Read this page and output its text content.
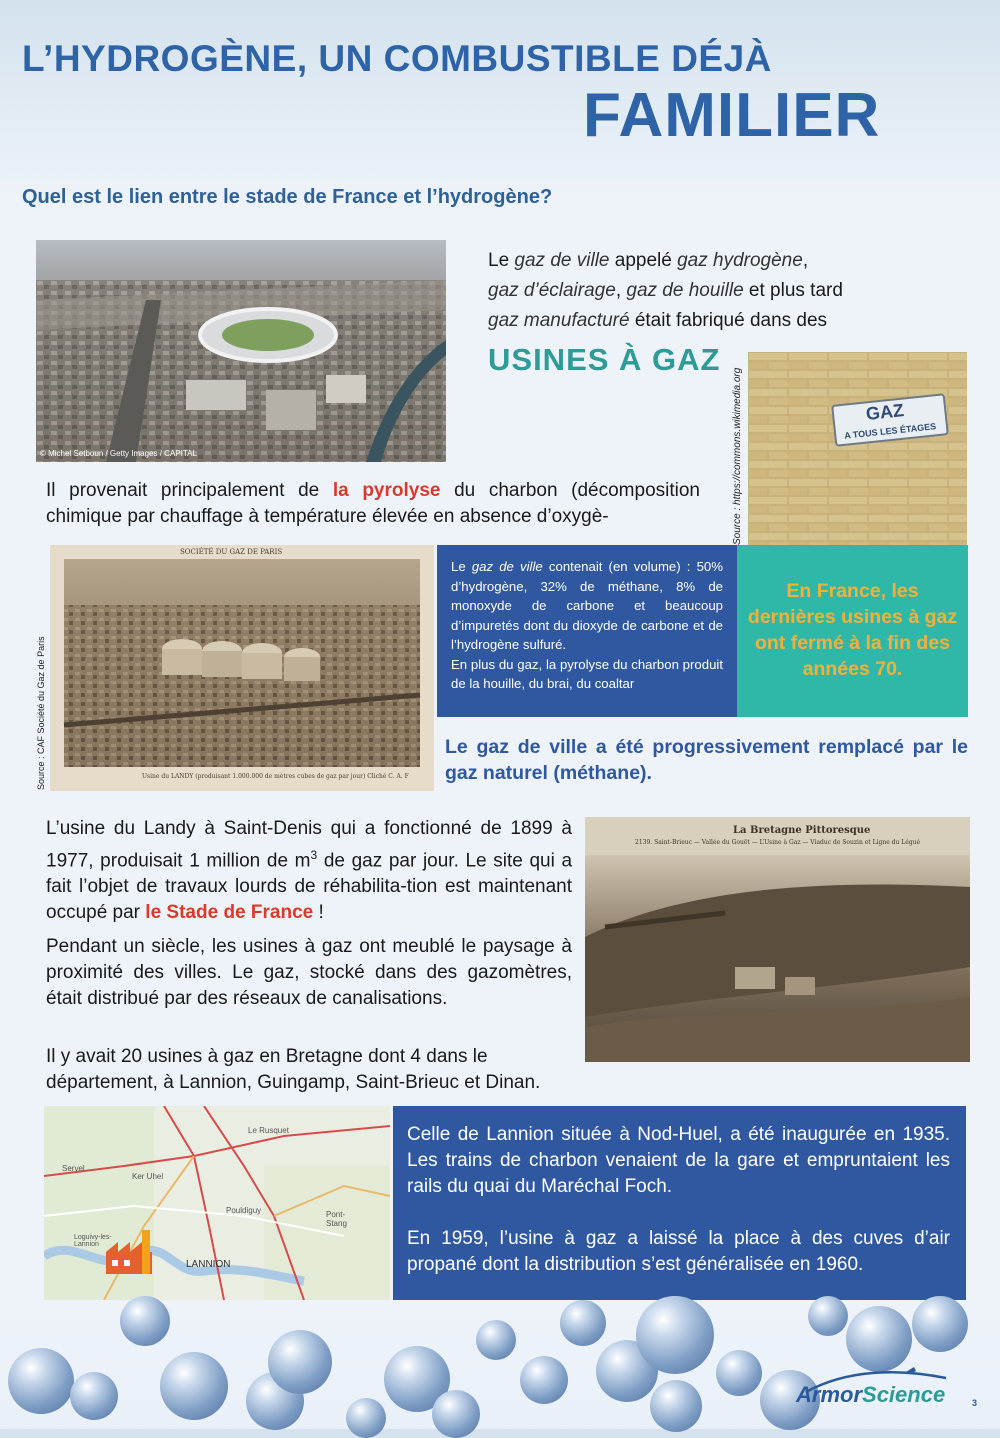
L’HYDROGÈNE, UN COMBUSTIBLE DÉJÀ
FAMILIER
Quel est le lien entre le stade de France et l’hydrogène?
© Michel Setboun / Getty Images / CAPITAL
Le gaz de ville appelé gaz hydrogène,
gaz d’éclairage, gaz de houille et plus tard
gaz manufacturé était fabriqué dans des
USINES À GAZ
GAZ
A TOUS LES ÉTAGES
Source : https://commons.wikimedia.org
Il provenait principalement de la pyrolyse du charbon (décomposition chimique par chauffage à température élevée en absence d’oxygè-
SOCIÉTÉ DU GAZ DE PARIS
Usine du LANDY (produisant 1.000.000 de mètres cubes de gaz par jour) Cliché C. A. F
Source : CAF Société du Gaz de Paris
Le gaz de ville contenait (en volume) : 50% d’hydrogène, 32% de méthane, 8% de monoxyde de carbone et beaucoup d’impuretés dont du dioxyde de carbone et de l’hydrogène sulfuré.
En plus du gaz, la pyrolyse du charbon produit de la houille, du brai, du coaltar
En France, les dernières usines à gaz ont fermé à la fin des années 70.
Le gaz de ville a été progressivement remplacé par le gaz naturel (méthane).
L’usine du Landy à Saint-Denis qui a fonctionné de 1899 à 1977, produisait 1 million de $m^3$ de gaz par jour. Le site qui a fait l’objet de travaux lourds de réhabilita-tion est maintenant occupé par le Stade de France !
La Bretagne Pittoresque
2139. Saint-Brieuc — Vallée du Gouët — L’Usine à Gaz — Viaduc de Souzin et Ligne du Légué
Pendant un siècle, les usines à gaz ont meublé le paysage à proximité des villes. Le gaz, stocké dans des gazomètres, était distribué par des réseaux de canalisations.
Il y avait 20 usines à gaz en Bretagne dont 4 dans le département, à Lannion, Guingamp, Saint-Brieuc et Dinan.
LANNION
Le Rusquet
Servel
Ker Uhel
Pouldiguy	Pont-Stang
Loguivy-les-Lannion
Celle de Lannion située à Nod-Huel, a été inaugurée en 1935. Les trains de charbon venaient de la gare et empruntaient les rails du quai du Maréchal Foch.
En 1959, l’usine à gaz a laissé la place à des cuves d’air propané dont la distribution s’est généralisée en 1960.
ArmorScience	3
